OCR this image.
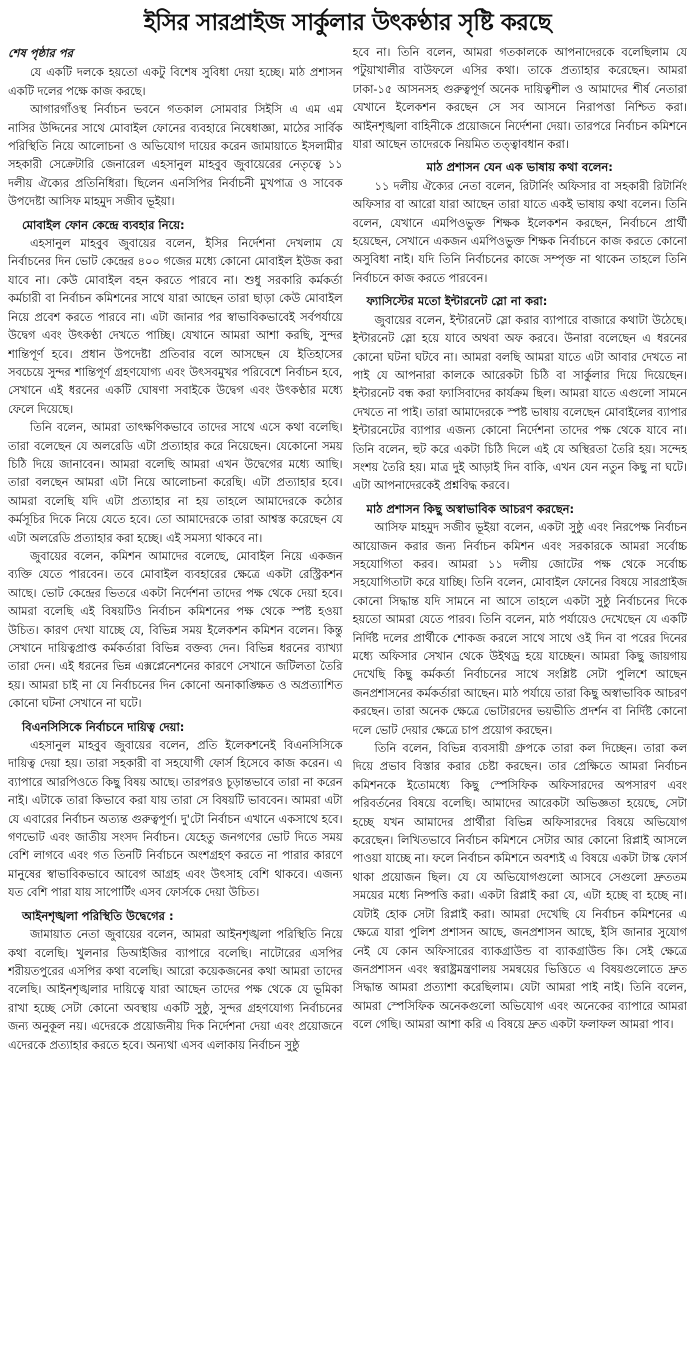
ইসির সারপ্রাইজ সার্কুলার উৎকণ্ঠার সৃষ্টি করছে
শেষ পৃষ্ঠার পর

যে একটি দলকে হয়তো একটু বিশেষ সুবিধা দেয়া হচ্ছে। মাঠ প্রশাসন একটি দলের পক্ষে কাজ করছে।

আগারগাঁওস্থ নির্বাচন ভবনে গতকাল সোমবার সিইসি এ এম এম নাসির উদ্দিনের সাথে মোবাইল ফোনের ব্যবহারে নিষেধাজ্ঞা, মাঠের সার্বিক পরিস্থিতি নিয়ে আলোচনা ও অভিযোগ দায়ের করেন জামায়াতে ইসলামীর সহকারী সেক্রেটারি জেনারেল এহসানুল মাহবুব জুবায়েরের নেতৃত্বে ১১ দলীয় ঐক্যের প্রতিনিধিরা। ছিলেন এনসিপির নির্বাচনী মুখপাত্র ও সাবেক উপদেষ্টা আসিফ মাহমুদ সজীব ভূইয়া।

মোবাইল ফোন কেন্দ্রে ব্যবহার নিয়ে:

এহসানুল মাহবুব জুবায়ের বলেন, ইসির নির্দেশনা দেখলাম যে নির্বাচনের দিন ভোট কেন্দ্রের ৪০০ গজের মধ্যে কোনো মোবাইল ইউজ করা যাবে না। কেউ মোবাইল বহন করতে পারবে না। শুধু সরকারি কর্মকর্তা কর্মচারী বা নির্বাচন কমিশনের সাথে যারা আছেন তারা ছাড়া কেউ মোবাইল নিয়ে প্রবেশ করতে পারবে না। এটা জানার পর স্বাভাবিকভাবেই সর্বপর্যায়ে উদ্বেগ এবং উৎকণ্ঠা দেখতে পাচ্ছি। যেখানে আমরা আশা করছি, সুন্দর শান্তিপূর্ণ হবে। প্রধান উপদেষ্টা প্রতিবার বলে আসছেন যে ইতিহাসের সবচেয়ে সুন্দর শান্তিপূর্ণ গ্রহণযোগ্য এবং উৎসবমুখর পরিবেশে নির্বাচন হবে, সেখানে এই ধরনের একটি ঘোষণা সবাইকে উদ্বেগ এবং উৎকণ্ঠার মধ্যে ফেলে দিয়েছে।

তিনি বলেন, আমরা তাৎক্ষণিকভাবে তাদের সাথে এসে কথা বলেছি। তারা বলেছেন যে অলরেডি এটা প্রত্যাহার করে নিয়েছেন। যেকোনো সময় চিঠি দিয়ে জানাবেন। আমরা বলেছি আমরা এখন উদ্বেগের মধ্যে আছি। তারা বলছেন আমরা এটা নিয়ে আলোচনা করেছি। এটা প্রত্যাহার হবে। আমরা বলেছি যদি এটা প্রত্যাহার না হয় তাহলে আমাদেরকে কঠোর কর্মসূচির দিকে নিয়ে যেতে হবে। তো আমাদেরকে তারা আশ্বস্ত করেছেন যে এটা অলরেডি প্রত্যাহার করা হচ্ছে। এই সমস্যা থাকবে না।

জুবায়ের বলেন, কমিশন আমাদের বলেছে, মোবাইল নিয়ে একজন ব্যক্তি যেতে পারবেন। তবে মোবাইল ব্যবহারের ক্ষেত্রে একটা রেস্ট্রিকশন আছে। ভোট কেন্দ্রের ভিতরে একটা নির্দেশনা তাদের পক্ষ থেকে দেয়া হবে। আমরা বলেছি এই বিষয়টিও নির্বাচন কমিশনের পক্ষ থেকে স্পষ্ট হওয়া উচিত। কারণ দেখা যাচ্ছে যে, বিভিন্ন সময় ইলেকশন কমিশন বলেন। কিন্তু সেখানে দায়িত্বপ্রাপ্ত কর্মকর্তারা বিভিন্ন বক্তব্য দেন। বিভিন্ন ধরনের ব্যাখ্যা তারা দেন। এই ধরনের ভিন্ন এক্সপ্লেনেশনের কারণে সেখানে জটিলতা তৈরি হয়। আমরা চাই না যে নির্বাচনের দিন কোনো অনাকাঙ্ক্ষিত ও অপ্রত্যাশিত কোনো ঘটনা সেখানে না ঘটে।

বিএনসিসিকে নির্বাচনে দায়িত্ব দেয়া:

এহসানুল মাহবুব জুবায়ের বলেন, প্রতি ইলেকশনেই বিএনসিসিকে দায়িত্ব দেয়া হয়। তারা সহকারী বা সহযোগী ফোর্স হিসেবে কাজ করেন। এ ব্যাপারে আরপিওতে কিছু বিষয় আছে। তারপরও চূড়ান্তভাবে তারা না করেন নাই। এটাকে তারা কিভাবে করা যায় তারা সে বিষয়টি ভাববেন। আমরা এটা যে এবারের নির্বাচন অত্যন্ত গুরুত্বপূর্ণ। দু'টো নির্বাচন এখানে একসাথে হবে। গণভোট এবং জাতীয় সংসদ নির্বাচন। যেহেতু জনগণের ভোট দিতে সময় বেশি লাগবে এবং গত তিনটি নির্বাচনে অংশগ্রহণ করতে না পারার কারণে মানুষের স্বাভাবিকভাবে আবেগ আগ্রহ এবং উৎসাহ বেশি থাকবে। এজন্য যত বেশি পারা যায় সাপোর্টিং এসব ফোর্সকে দেয়া উচিত।

আইনশৃঙ্খলা পরিস্থিতি উদ্বেগের :

জামায়াত নেতা জুবায়ের বলেন, আমরা আইনশৃঙ্খলা পরিস্থিতি নিয়ে কথা বলেছি। খুলনার ডিআইজির ব্যাপারে বলেছি। নাটোরের এসপির শরীয়তপুরের এসপির কথা বলেছি। আরো কয়েকজনের কথা আমরা তাদের বলেছি। আইনশৃঙ্খলার দায়িত্বে যারা আছেন তাদের পক্ষ থেকে যে ভূমিকা রাখা হচ্ছে সেটা কোনো অবস্থায় একটি সুষ্ঠু, সুন্দর গ্রহণযোগ্য নির্বাচনের জন্য অনুকূল নয়। এদেরকে প্রয়োজনীয় দিক নির্দেশনা দেয়া এবং প্রয়োজনে এদেরকে প্রত্যাহার করতে হবে। অন্যথা এসব এলাকায় নির্বাচন সুষ্ঠু

হবে না। তিনি বলেন, আমরা গতকালকে আপনাদেরকে বলেছিলাম যে পটুয়াখালীর বাউফলে এসির কথা। তাকে প্রত্যাহার করেছেন। আমরা ঢাকা-১৫ আসনসহ গুরুত্বপূর্ণ অনেক দায়িত্বশীল ও আমাদের শীর্ষ নেতারা যেখানে ইলেকশন করছেন সে সব আসনে নিরাপত্তা নিশ্চিত করা। আইনশৃঙ্খলা বাহিনীকে প্রয়োজনে নির্দেশনা দেয়া। তারপরে নির্বাচন কমিশনে যারা আছেন তাদেরকে নিয়মিত তত্ত্বাবধান করা।

মাঠ প্রশাসন যেন এক ভাষায় কথা বলেন:

১১ দলীয় ঐক্যের নেতা বলেন, রিটার্নিং অফিসার বা সহকারী রিটার্নিং অফিসার বা আরো যারা আছেন তারা যাতে একই ভাষায় কথা বলেন। তিনি বলেন, যেখানে এমপিওভুক্ত শিক্ষক ইলেকশন করছেন, নির্বাচনে প্রার্থী হয়েছেন, সেখানে একজন এমপিওভুক্ত শিক্ষক নির্বাচনে কাজ করতে কোনো অসুবিধা নাই। যদি তিনি নির্বাচনের কাজে সম্পৃক্ত না থাকেন তাহলে তিনি নির্বাচনে কাজ করতে পারবেন।

ফ্যাসিস্টের মতো ইন্টারনেট স্লো না করা:

জুবায়ের বলেন, ইন্টারনেট স্লো করার ব্যাপারে বাজারে কথাটা উঠেছে। ইন্টারনেট স্লো হয়ে যাবে অথবা অফ করবে। উনারা বলেছেন এ ধরনের কোনো ঘটনা ঘটবে না। আমরা বলছি আমরা যাতে এটা আবার দেখতে না পাই যে আপনারা কালকে আরেকটা চিঠি বা সার্কুলার দিয়ে দিয়েছেন। ইন্টারনেট বন্ধ করা ফ্যাসিবাদের কার্যক্রম ছিল। আমরা যাতে এগুলো সামনে দেখতে না পাই। তারা আমাদেরকে স্পষ্ট ভাষায় বলেছেন মোবাইলের ব্যাপার ইন্টারনেটের ব্যাপার এজন্য কোনো নির্দেশনা তাদের পক্ষ থেকে যাবে না। তিনি বলেন, হুট করে একটা চিঠি দিলে এই যে অস্থিরতা তৈরি হয়। সন্দেহ সংশয় তৈরি হয়। মাত্র দুই আড়াই দিন বাকি, এখন যেন নতুন কিছু না ঘটে। এটা আপনাদেরকেই প্রশ্নবিদ্ধ করবে।

মাঠ প্রশাসন কিছু অস্বাভাবিক আচরণ করছেন:

আসিফ মাহমুদ সজীব ভূইয়া বলেন, একটা সুষ্ঠু এবং নিরপেক্ষ নির্বাচন আয়োজন করার জন্য নির্বাচন কমিশন এবং সরকারকে আমরা সর্বোচ্চ সহযোগিতা করব। আমরা ১১ দলীয় জোটের পক্ষ থেকে সর্বোচ্চ সহযোগিতাটা করে যাচ্ছি। তিনি বলেন, মোবাইল ফোনের বিষয়ে সারপ্রাইজ কোনো সিদ্ধান্ত যদি সামনে না আসে তাহলে একটা সুষ্ঠু নির্বাচনের দিকে হয়তো আমরা যেতে পারব। তিনি বলেন, মাঠ পর্যায়েও দেখেছেন যে একটি নির্দিষ্ট দলের প্রার্থীকে শোকজ করলে সাথে সাথে ওই দিন বা পরের দিনের মধ্যে অফিসার সেখান থেকে উইথড্র হয়ে যাচ্ছেন। আমরা কিছু জায়গায় দেখেছি কিছু কর্মকর্তা নির্বাচনের সাথে সংশ্লিষ্ট সেটা পুলিশে আছেন জনপ্রশাসনের কর্মকর্তারা আছেন। মাঠ পর্যায়ে তারা কিছু অস্বাভাবিক আচরণ করছেন। তারা অনেক ক্ষেত্রে ভোটারদের ভয়ভীতি প্রদর্শন বা নির্দিষ্ট কোনো দলে ভোট দেয়ার ক্ষেত্রে চাপ প্রয়োগ করছেন।

তিনি বলেন, বিভিন্ন ব্যবসায়ী গ্রুপকে তারা কল দিচ্ছেন। তারা কল দিয়ে প্রভাব বিস্তার করার চেষ্টা করছেন। তার প্রেক্ষিতে আমরা নির্বাচন কমিশনকে ইতোমধ্যে কিছু স্পেসিফিক অফিসারদের অপসারণ এবং পরিবর্তনের বিষয়ে বলেছি। আমাদের আরেকটা অভিজ্ঞতা হয়েছে, সেটা হচ্ছে যখন আমাদের প্রার্থীরা বিভিন্ন অফিসারদের বিষয়ে অভিযোগ করেছেন। লিখিতভাবে নির্বাচন কমিশনে সেটার আর কোনো রিপ্লাই আসলে পাওয়া যাচ্ছে না। ফলে নির্বাচন কমিশনে অবশ্যই এ বিষয়ে একটা টাস্ক ফোর্স থাকা প্রয়োজন ছিল। যে যে অভিযোগগুলো আসবে সেগুলো দ্রুততম সময়ের মধ্যে নিষ্পত্তি করা। একটা রিপ্লাই করা যে, এটা হচ্ছে বা হচ্ছে না। যেটাই হোক সেটা রিপ্লাই করা। আমরা দেখেছি যে নির্বাচন কমিশনের এ ক্ষেত্রে যারা পুলিশ প্রশাসন আছে, জনপ্রশাসন আছে, ইসি জানার সুযোগ নেই যে কোন অফিসারের ব্যাকগ্রাউন্ড বা ব্যাকগ্রাউন্ড কি। সেই ক্ষেত্রে জনপ্রশাসন এবং স্বরাষ্ট্রমন্ত্রণালয় সমন্বয়ের ভিত্তিতে এ বিষয়গুলোতে দ্রুত সিদ্ধান্ত আমরা প্রত্যাশা করেছিলাম। যেটা আমরা পাই নাই। তিনি বলেন, আমরা স্পেসিফিক অনেকগুলো অভিযোগ এবং অনেকের ব্যাপারে আমরা বলে গেছি। আমরা আশা করি এ বিষয়ে দ্রুত একটা ফলাফল আমরা পাব।
